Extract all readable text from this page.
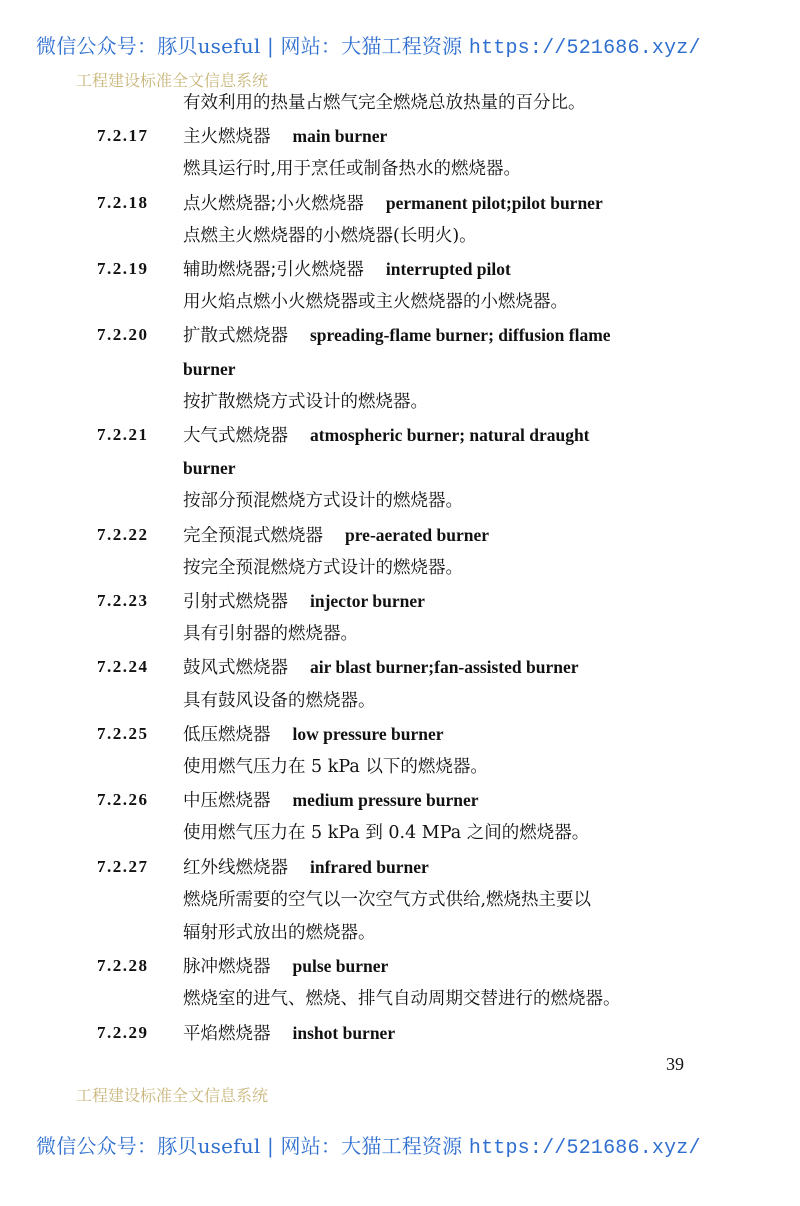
微信公众号：豚贝useful | 网站：大猫工程资源 https://521686.xyz/
工程建设标准全文信息系统
有效利用的热量占燃气完全燃烧总放热量的百分比。
7.2.17 主火燃烧器 main burner
燃具运行时,用于烹任或制备热水的燃烧器。
7.2.18 点火燃烧器;小火燃烧器 permanent pilot;pilot burner
点燃主火燃烧器的小燃烧器(长明火)。
7.2.19 辅助燃烧器;引火燃烧器 interrupted pilot
用火焰点燃小火燃烧器或主火燃烧器的小燃烧器。
7.2.20 扩散式燃烧器 spreading-flame burner; diffusion flame
burner
按扩散燃烧方式设计的燃烧器。
7.2.21 大气式燃烧器 atmospheric burner; natural draught
burner
按部分预混燃烧方式设计的燃烧器。
7.2.22 完全预混式燃烧器 pre-aerated burner
按完全预混燃烧方式设计的燃烧器。
7.2.23 引射式燃烧器 injector burner
具有引射器的燃烧器。
7.2.24 鼓风式燃烧器 air blast burner;fan-assisted burner
具有鼓风设备的燃烧器。
7.2.25 低压燃烧器 low pressure burner
使用燃气压力在 5 kPa 以下的燃烧器。
7.2.26 中压燃烧器 medium pressure burner
使用燃气压力在 5 kPa 到 0.4 MPa 之间的燃烧器。
7.2.27 红外线燃烧器 infrared burner
燃烧所需要的空气以一次空气方式供给,燃烧热主要以
辐射形式放出的燃烧器。
7.2.28 脉冲燃烧器 pulse burner
燃烧室的进气、燃烧、排气自动周期交替进行的燃烧器。
7.2.29 平焰燃烧器 inshot burner
39
工程建设标准全文信息系统
微信公众号：豚贝useful | 网站：大猫工程资源 https://521686.xyz/
